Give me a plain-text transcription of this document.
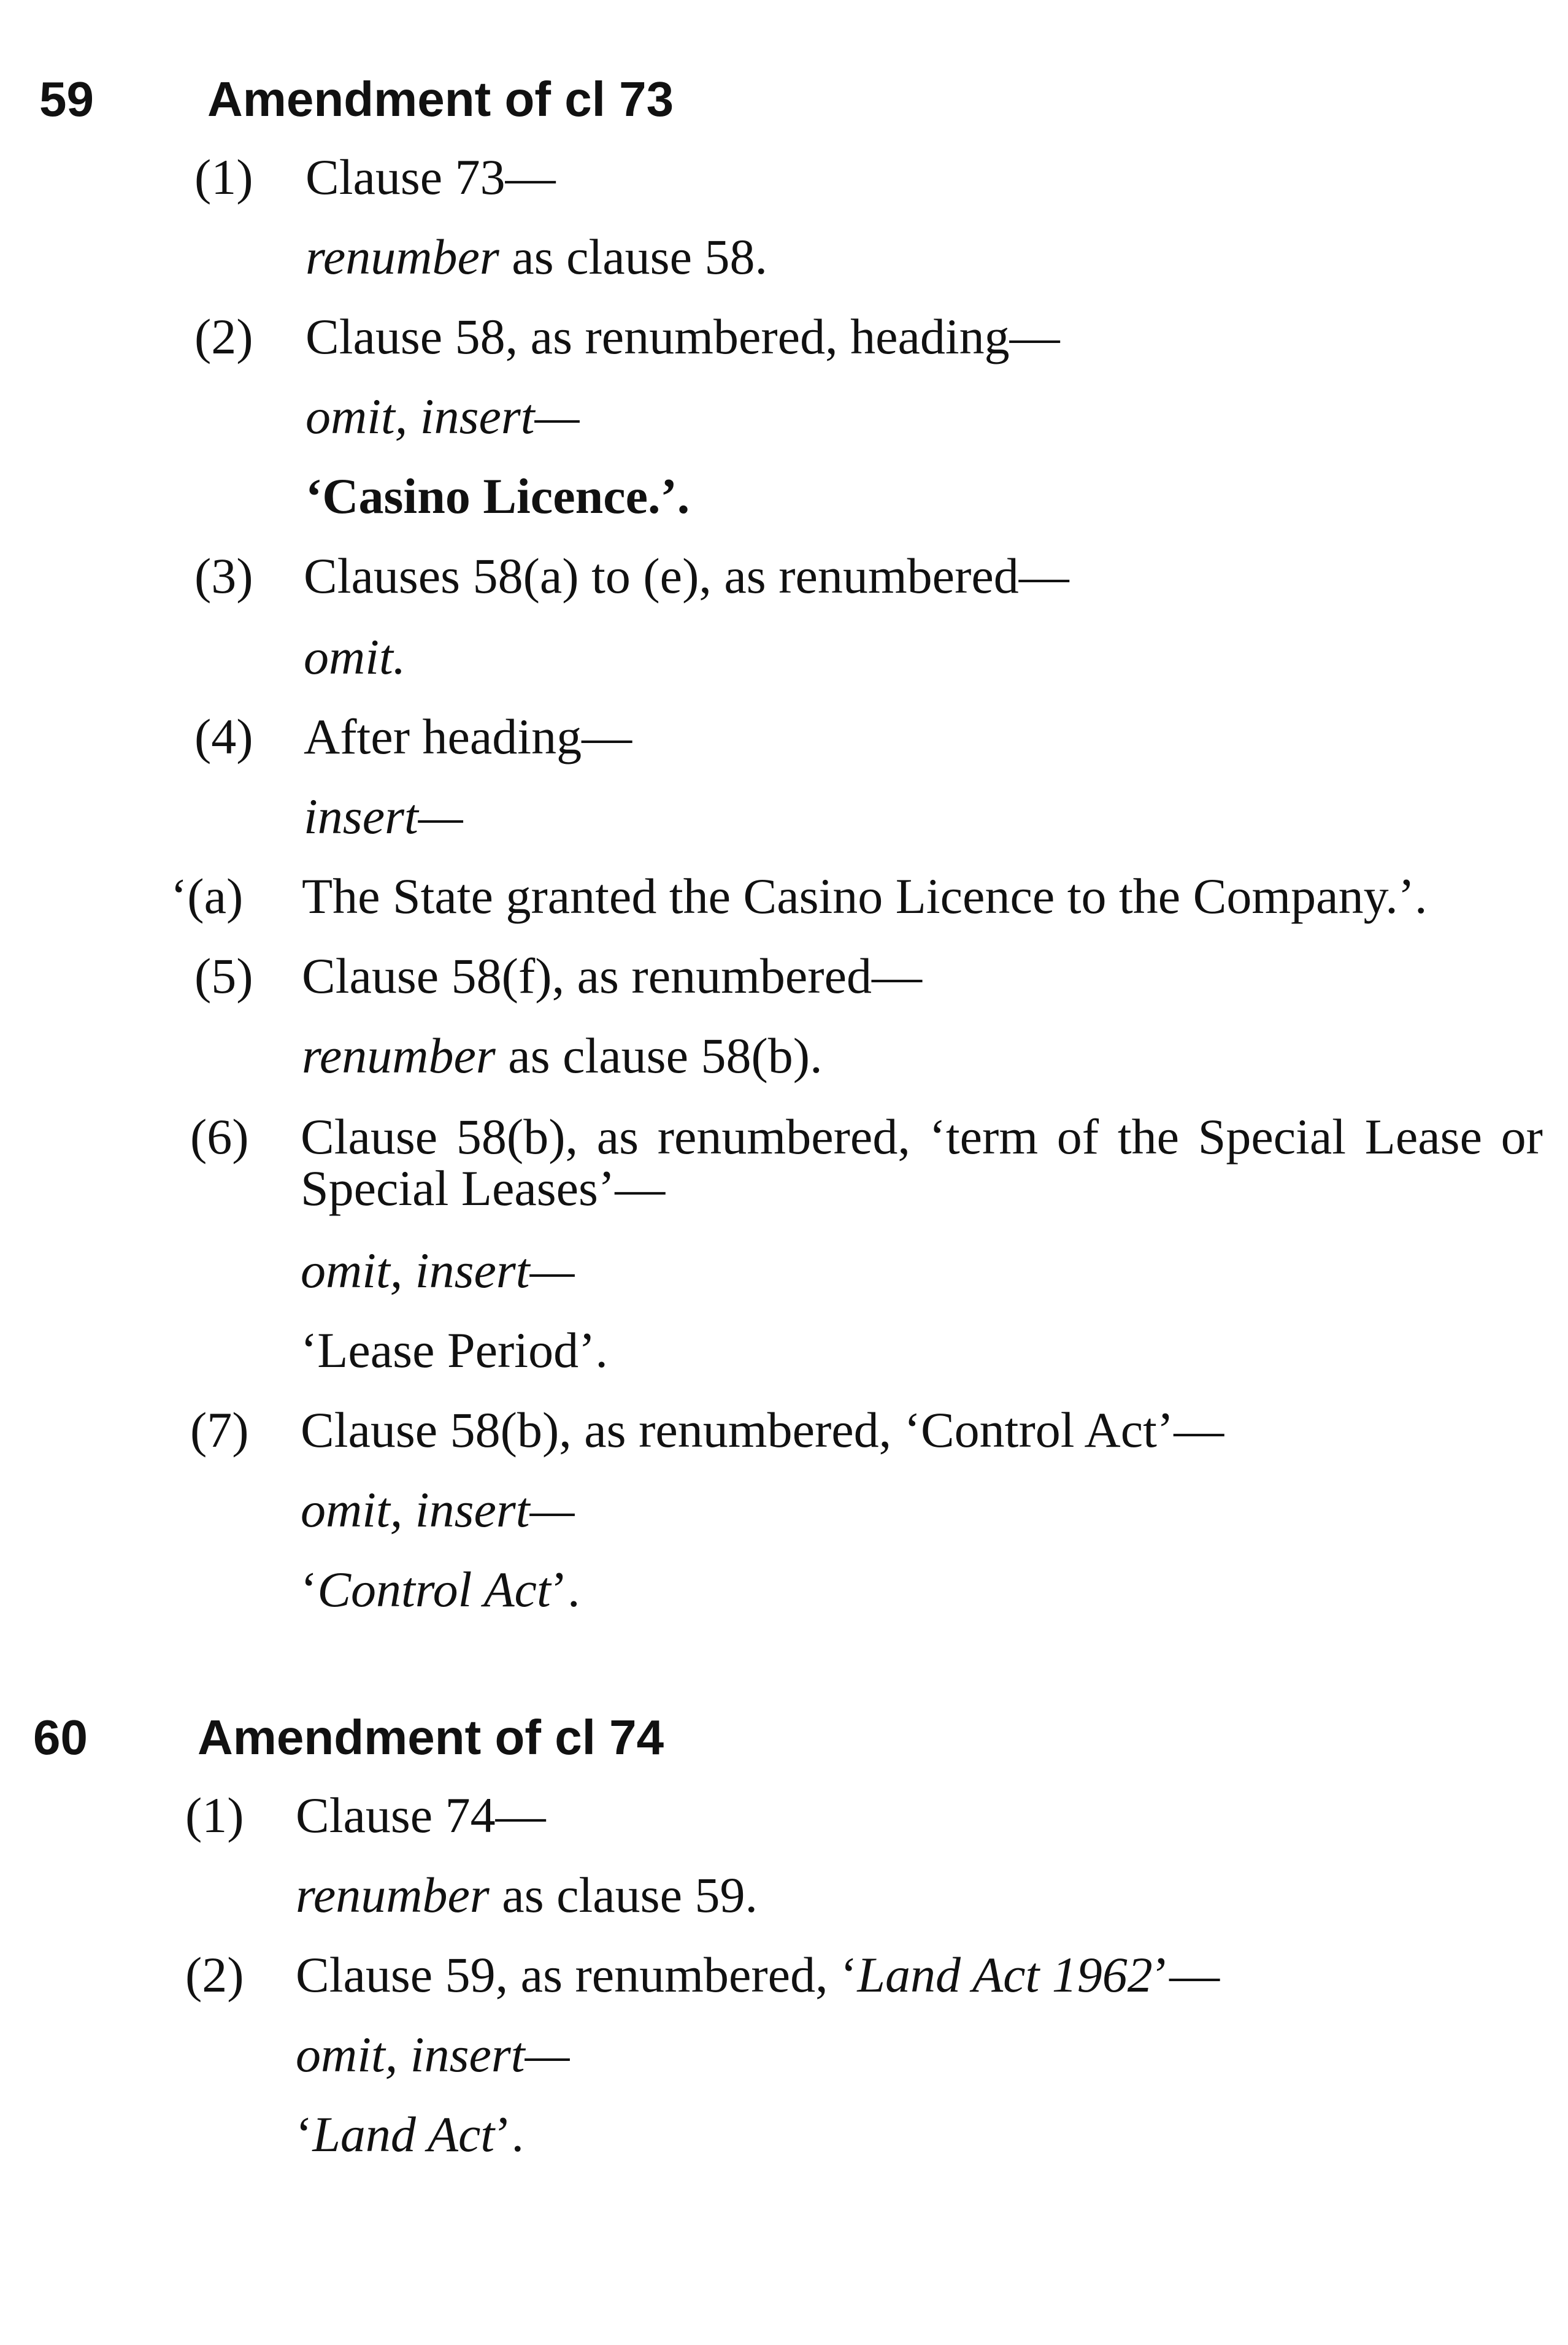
59 Amendment of cl 73
(1) Clause 73—
renumber as clause 58.
(2) Clause 58, as renumbered, heading—
omit, insert—
‘Casino Licence.’.
(3) Clauses 58(a) to (e), as renumbered—
omit.
(4) After heading—
insert—
‘(a) The State granted the Casino Licence to the Company.’.
(5) Clause 58(f), as renumbered—
renumber as clause 58(b).
(6) Clause 58(b), as renumbered, ‘term of the Special Lease or
Special Leases’—
omit, insert—
‘Lease Period’.
(7) Clause 58(b), as renumbered, ‘Control Act’—
omit, insert—
‘Control Act’.
60 Amendment of cl 74
(1) Clause 74—
renumber as clause 59.
(2) Clause 59, as renumbered, ‘Land Act 1962’—
omit, insert—
‘Land Act’.
